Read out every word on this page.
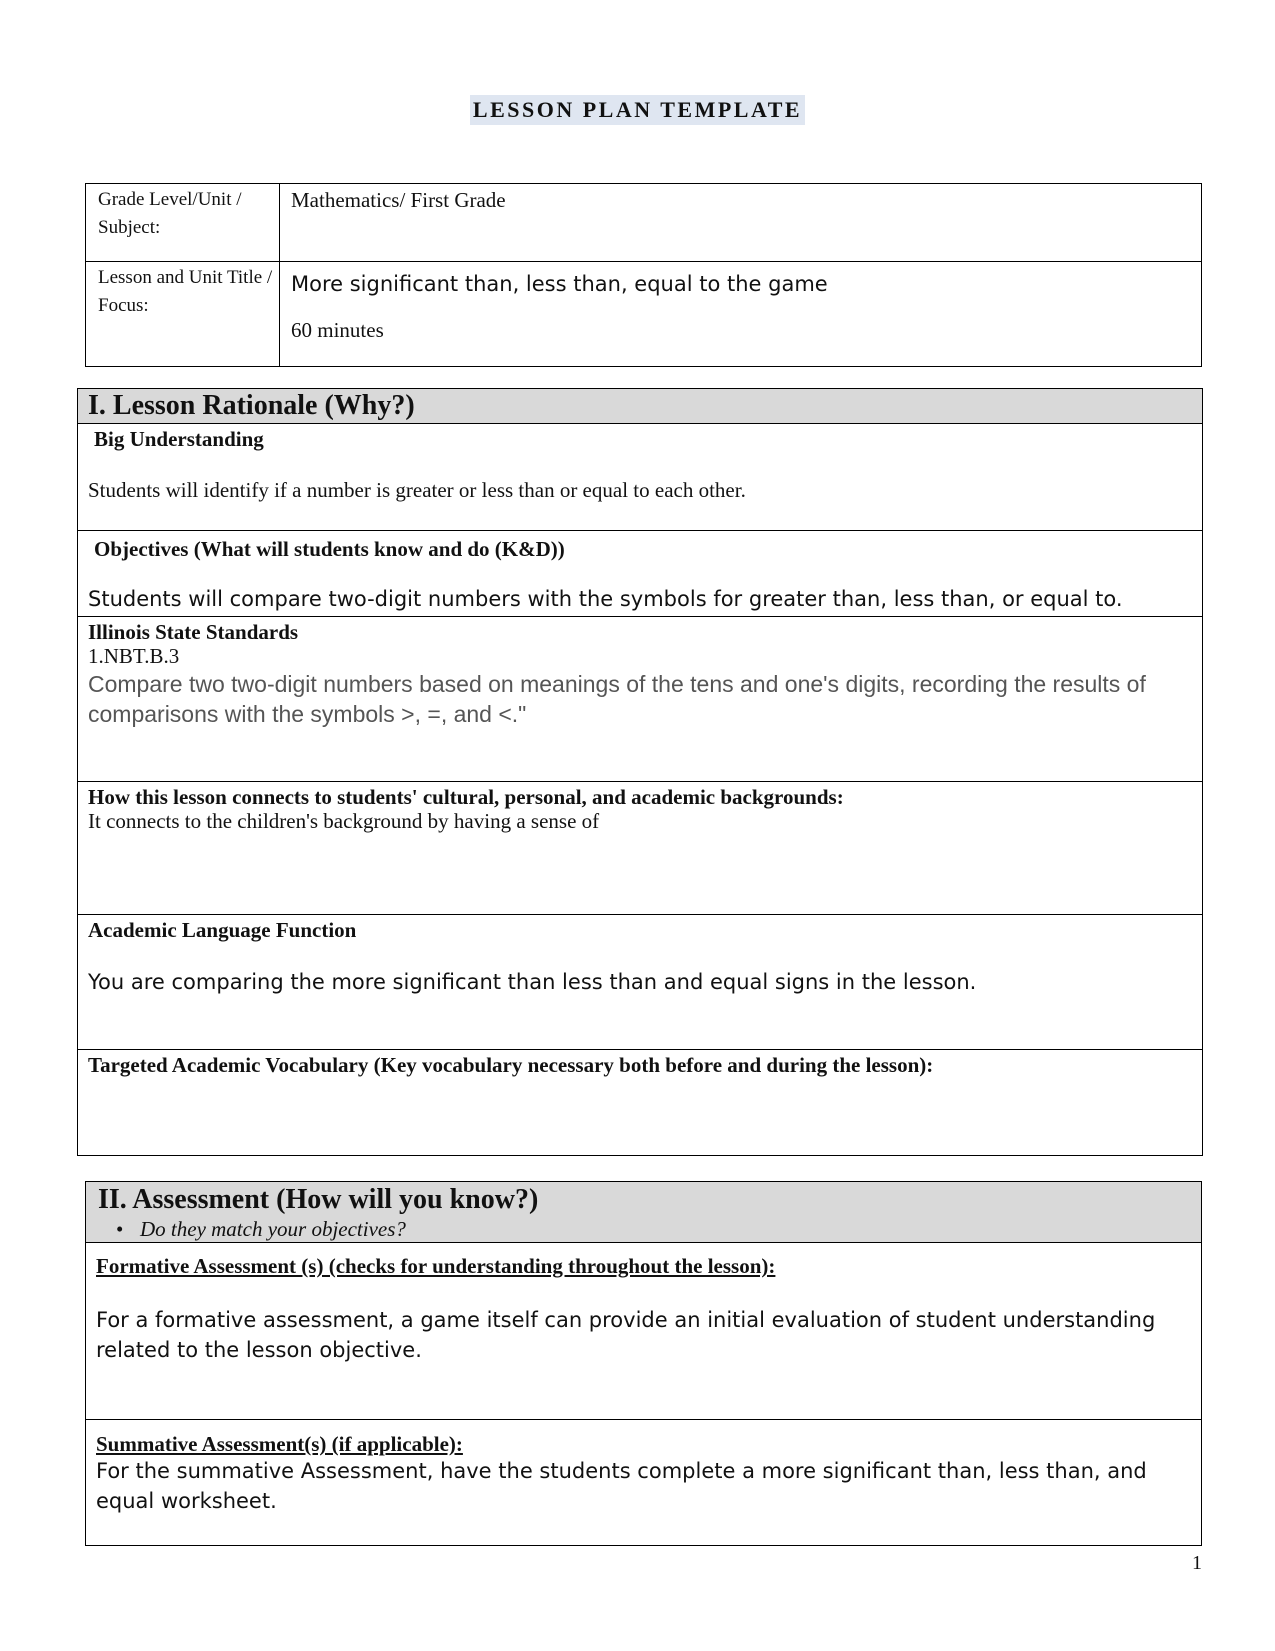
LESSON PLAN TEMPLATE
Grade Level/Unit / Subject:
Mathematics/ First Grade
Lesson and Unit Title / Focus:
More significant than, less than, equal to the game
60 minutes
I. Lesson Rationale (Why?)
Big Understanding
Students will identify if a number is greater or less than or equal to each other.
Objectives (What will students know and do (K&D))
Students will compare two-digit numbers with the symbols for greater than, less than, or equal to.
Illinois State Standards
1.NBT.B.3
Compare two two-digit numbers based on meanings of the tens and one's digits, recording the results of comparisons with the symbols >, =, and <."
How this lesson connects to students' cultural, personal, and academic backgrounds:
It connects to the children's background by having a sense of
Academic Language Function
You are comparing the more significant than less than and equal signs in the lesson.
Targeted Academic Vocabulary (Key vocabulary necessary both before and during the lesson):
II. Assessment (How will you know?)
• Do they match your objectives?
Formative Assessment (s) (checks for understanding throughout the lesson):
For a formative assessment, a game itself can provide an initial evaluation of student understanding related to the lesson objective.
Summative Assessment(s) (if applicable):
For the summative Assessment, have the students complete a more significant than, less than, and equal worksheet.
1
